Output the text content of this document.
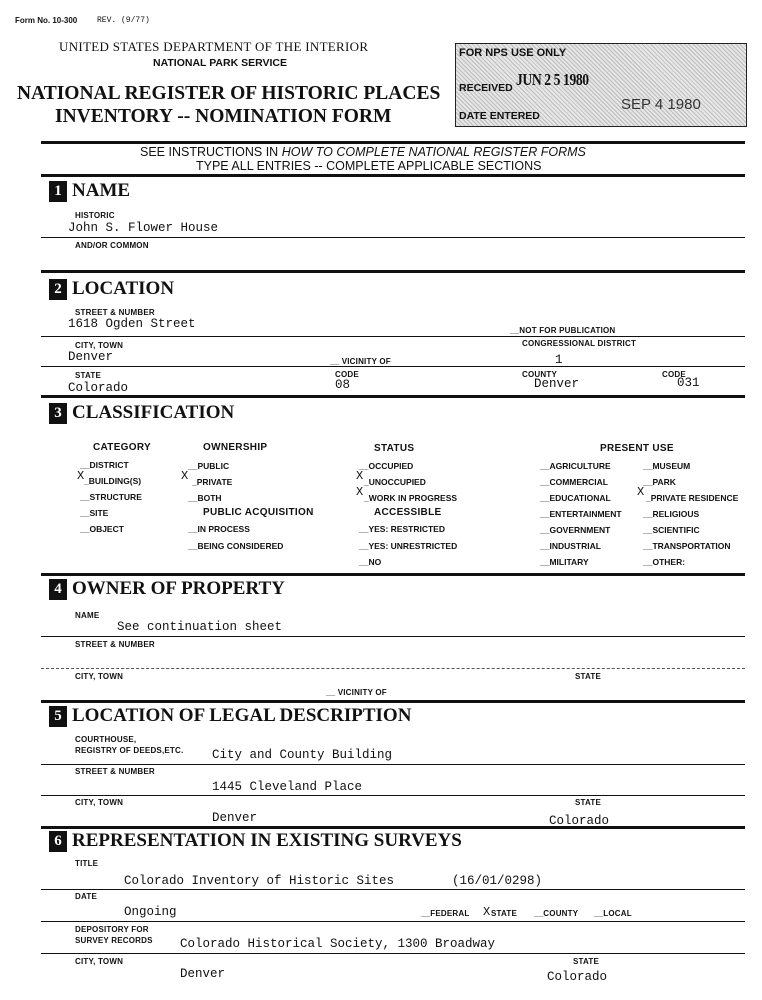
Form No. 10-300 REV. (9/77)
UNITED STATES DEPARTMENT OF THE INTERIOR
NATIONAL PARK SERVICE
NATIONAL REGISTER OF HISTORIC PLACES
INVENTORY -- NOMINATION FORM
FOR NPS USE ONLY
RECEIVED JUN 2 5 1980
DATE ENTERED
SEP 4 1980
SEE INSTRUCTIONS IN HOW TO COMPLETE NATIONAL REGISTER FORMS
TYPE ALL ENTRIES -- COMPLETE APPLICABLE SECTIONS
1 NAME
HISTORIC
John S. Flower House
AND/OR COMMON
2 LOCATION
STREET & NUMBER
1618 Ogden Street	__NOT FOR PUBLICATION
CITY, TOWN	CONGRESSIONAL DISTRICT
Denver	__ VICINITY OF	1
STATE	CODE	COUNTY	CODE
Colorado	08	Denver	031
3 CLASSIFICATION
CATEGORY	OWNERSHIP	STATUS	PRESENT USE
__DISTRICT
X _BUILDING(S)
__STRUCTURE
__SITE
__OBJECT
__PUBLIC
X _PRIVATE
__BOTH
PUBLIC ACQUISITION
__IN PROCESS
__BEING CONSIDERED
__OCCUPIED
X _UNOCCUPIED
X _WORK IN PROGRESS
ACCESSIBLE
__YES: RESTRICTED
__YES: UNRESTRICTED
__NO
__AGRICULTURE
__COMMERCIAL
__EDUCATIONAL
__ENTERTAINMENT
__GOVERNMENT
__INDUSTRIAL
__MILITARY
__MUSEUM
__PARK
X _PRIVATE RESIDENCE
__RELIGIOUS
__SCIENTIFIC
__TRANSPORTATION
__OTHER:
4 OWNER OF PROPERTY
NAME
See continuation sheet
STREET & NUMBER
CITY, TOWN	STATE
__ VICINITY OF
5 LOCATION OF LEGAL DESCRIPTION
COURTHOUSE,
REGISTRY OF DEEDS,ETC. City and County Building
STREET & NUMBER
1445 Cleveland Place
CITY, TOWN	STATE
Denver	Colorado
6 REPRESENTATION IN EXISTING SURVEYS
TITLE
Colorado Inventory of Historic Sites	(16/01/0298)
DATE
Ongoing	__FEDERAL X STATE __COUNTY __LOCAL
DEPOSITORY FOR
SURVEY RECORDS Colorado Historical Society, 1300 Broadway
CITY, TOWN	STATE
Denver	Colorado
